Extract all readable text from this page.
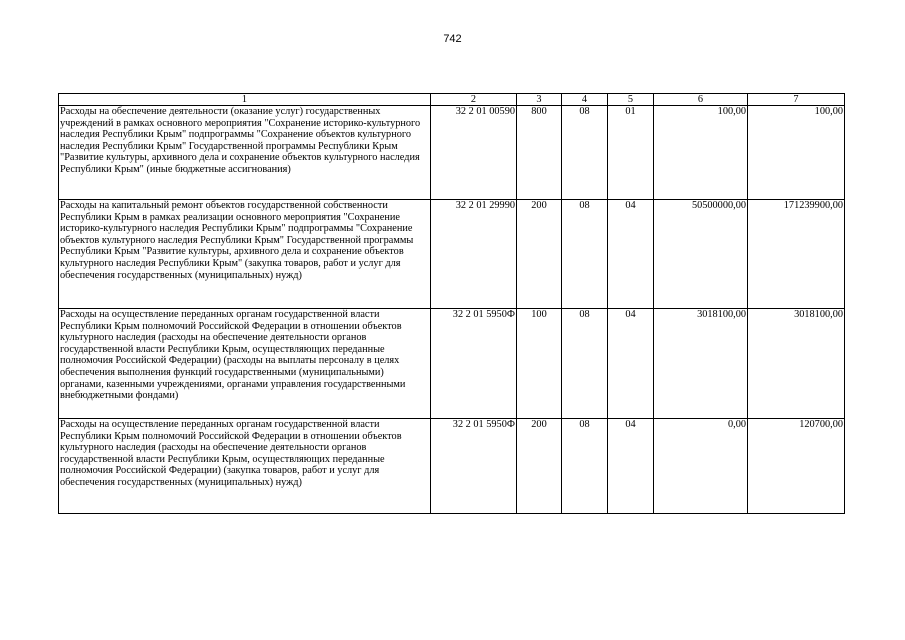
742
1	2	3	4	5	6	7
Расходы на обеспечение деятельности (оказание услуг) государственных учреждений в рамках основного мероприятия "Сохранение историко-культурного наследия Республики Крым" подпрограммы "Сохранение объектов культурного наследия Республики Крым" Государственной программы Республики Крым "Развитие культуры, архивного дела и сохранение объектов культурного наследия Республики Крым" (иные бюджетные ассигнования)	32 2 01 00590	800	08	01	100,00	100,00
Расходы на капитальный ремонт объектов государственной собственности Республики Крым в рамках реализации основного мероприятия "Сохранение историко-культурного наследия Республики Крым" подпрограммы "Сохранение объектов культурного наследия Республики Крым" Государственной программы Республики Крым "Развитие культуры, архивного дела и сохранение объектов культурного наследия Республики Крым" (закупка товаров, работ и услуг для обеспечения государственных (муниципальных) нужд)	32 2 01 29990	200	08	04	50500000,00	171239900,00
Расходы на осуществление переданных органам государственной власти Республики Крым полномочий Российской Федерации в отношении объектов культурного наследия (расходы на обеспечение деятельности органов государственной власти Республики Крым, осуществляющих переданные полномочия Российской Федерации) (расходы на выплаты персоналу в целях обеспечения выполнения функций государственными (муниципальными) органами, казенными учреждениями, органами управления государственными внебюджетными фондами)	32 2 01 5950Ф	100	08	04	3018100,00	3018100,00
Расходы на осуществление переданных органам государственной власти Республики Крым полномочий Российской Федерации в отношении объектов культурного наследия (расходы на обеспечение деятельности органов государственной власти Республики Крым, осуществляющих переданные полномочия Российской Федерации) (закупка товаров, работ и услуг для обеспечения государственных (муниципальных) нужд)	32 2 01 5950Ф	200	08	04	0,00	120700,00
